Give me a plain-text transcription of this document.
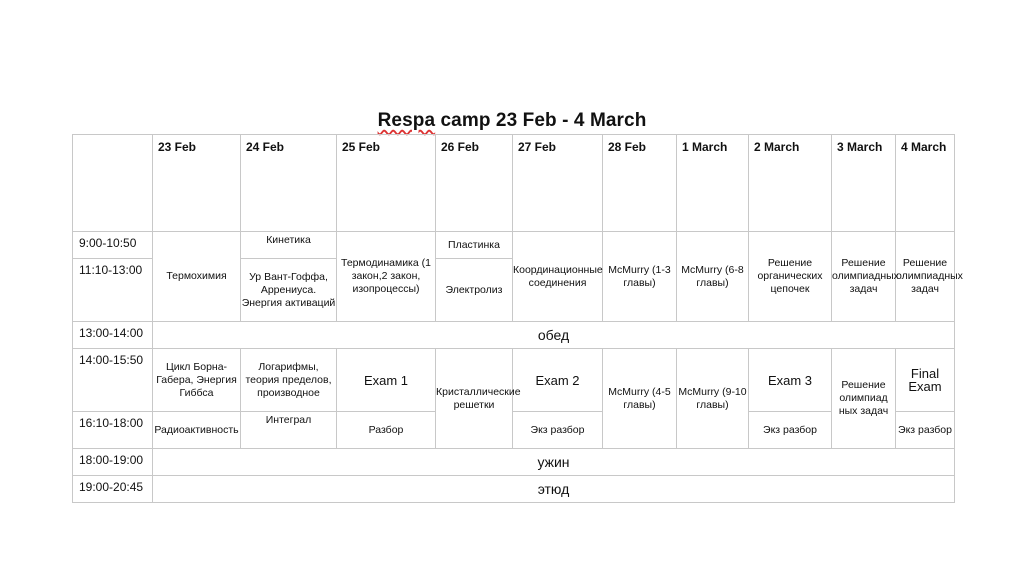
Respa camp 23 Feb - 4 March
	23 Feb	24 Feb	25 Feb	26 Feb	27 Feb	28 Feb	1 March	2 March	3 March	4 March
9:00-10:50	Термохимия	Кинетика	Термодинамика (1 закон,2 закон, изопроцессы)	Пластинка	Координационные соединения	McMurry (1-3 главы)	McMurry (6-8 главы)	Решение органических цепочек	Решение олимпиадных задач	Решение олимпиадных задач
11:10-13:00		Ур Вант-Гоффа, Аррениуса. Энергия активаций		Электролиз						
13:00-14:00	обед									
14:00-15:50	Цикл Борна-Габера, Энергия Гиббса	Логарифмы, теория пределов, производное	Exam 1	Кристаллические решетки	Exam 2	McMurry (4-5 главы)	McMurry (9-10 главы)	Exam 3	Решение олимпиад ных задач	Final Exam
16:10-18:00	Радиоактивность	Интеграл	Разбор		Экз разбор			Экз разбор		Экз разбор
18:00-19:00	ужин									
19:00-20:45	этюд									
